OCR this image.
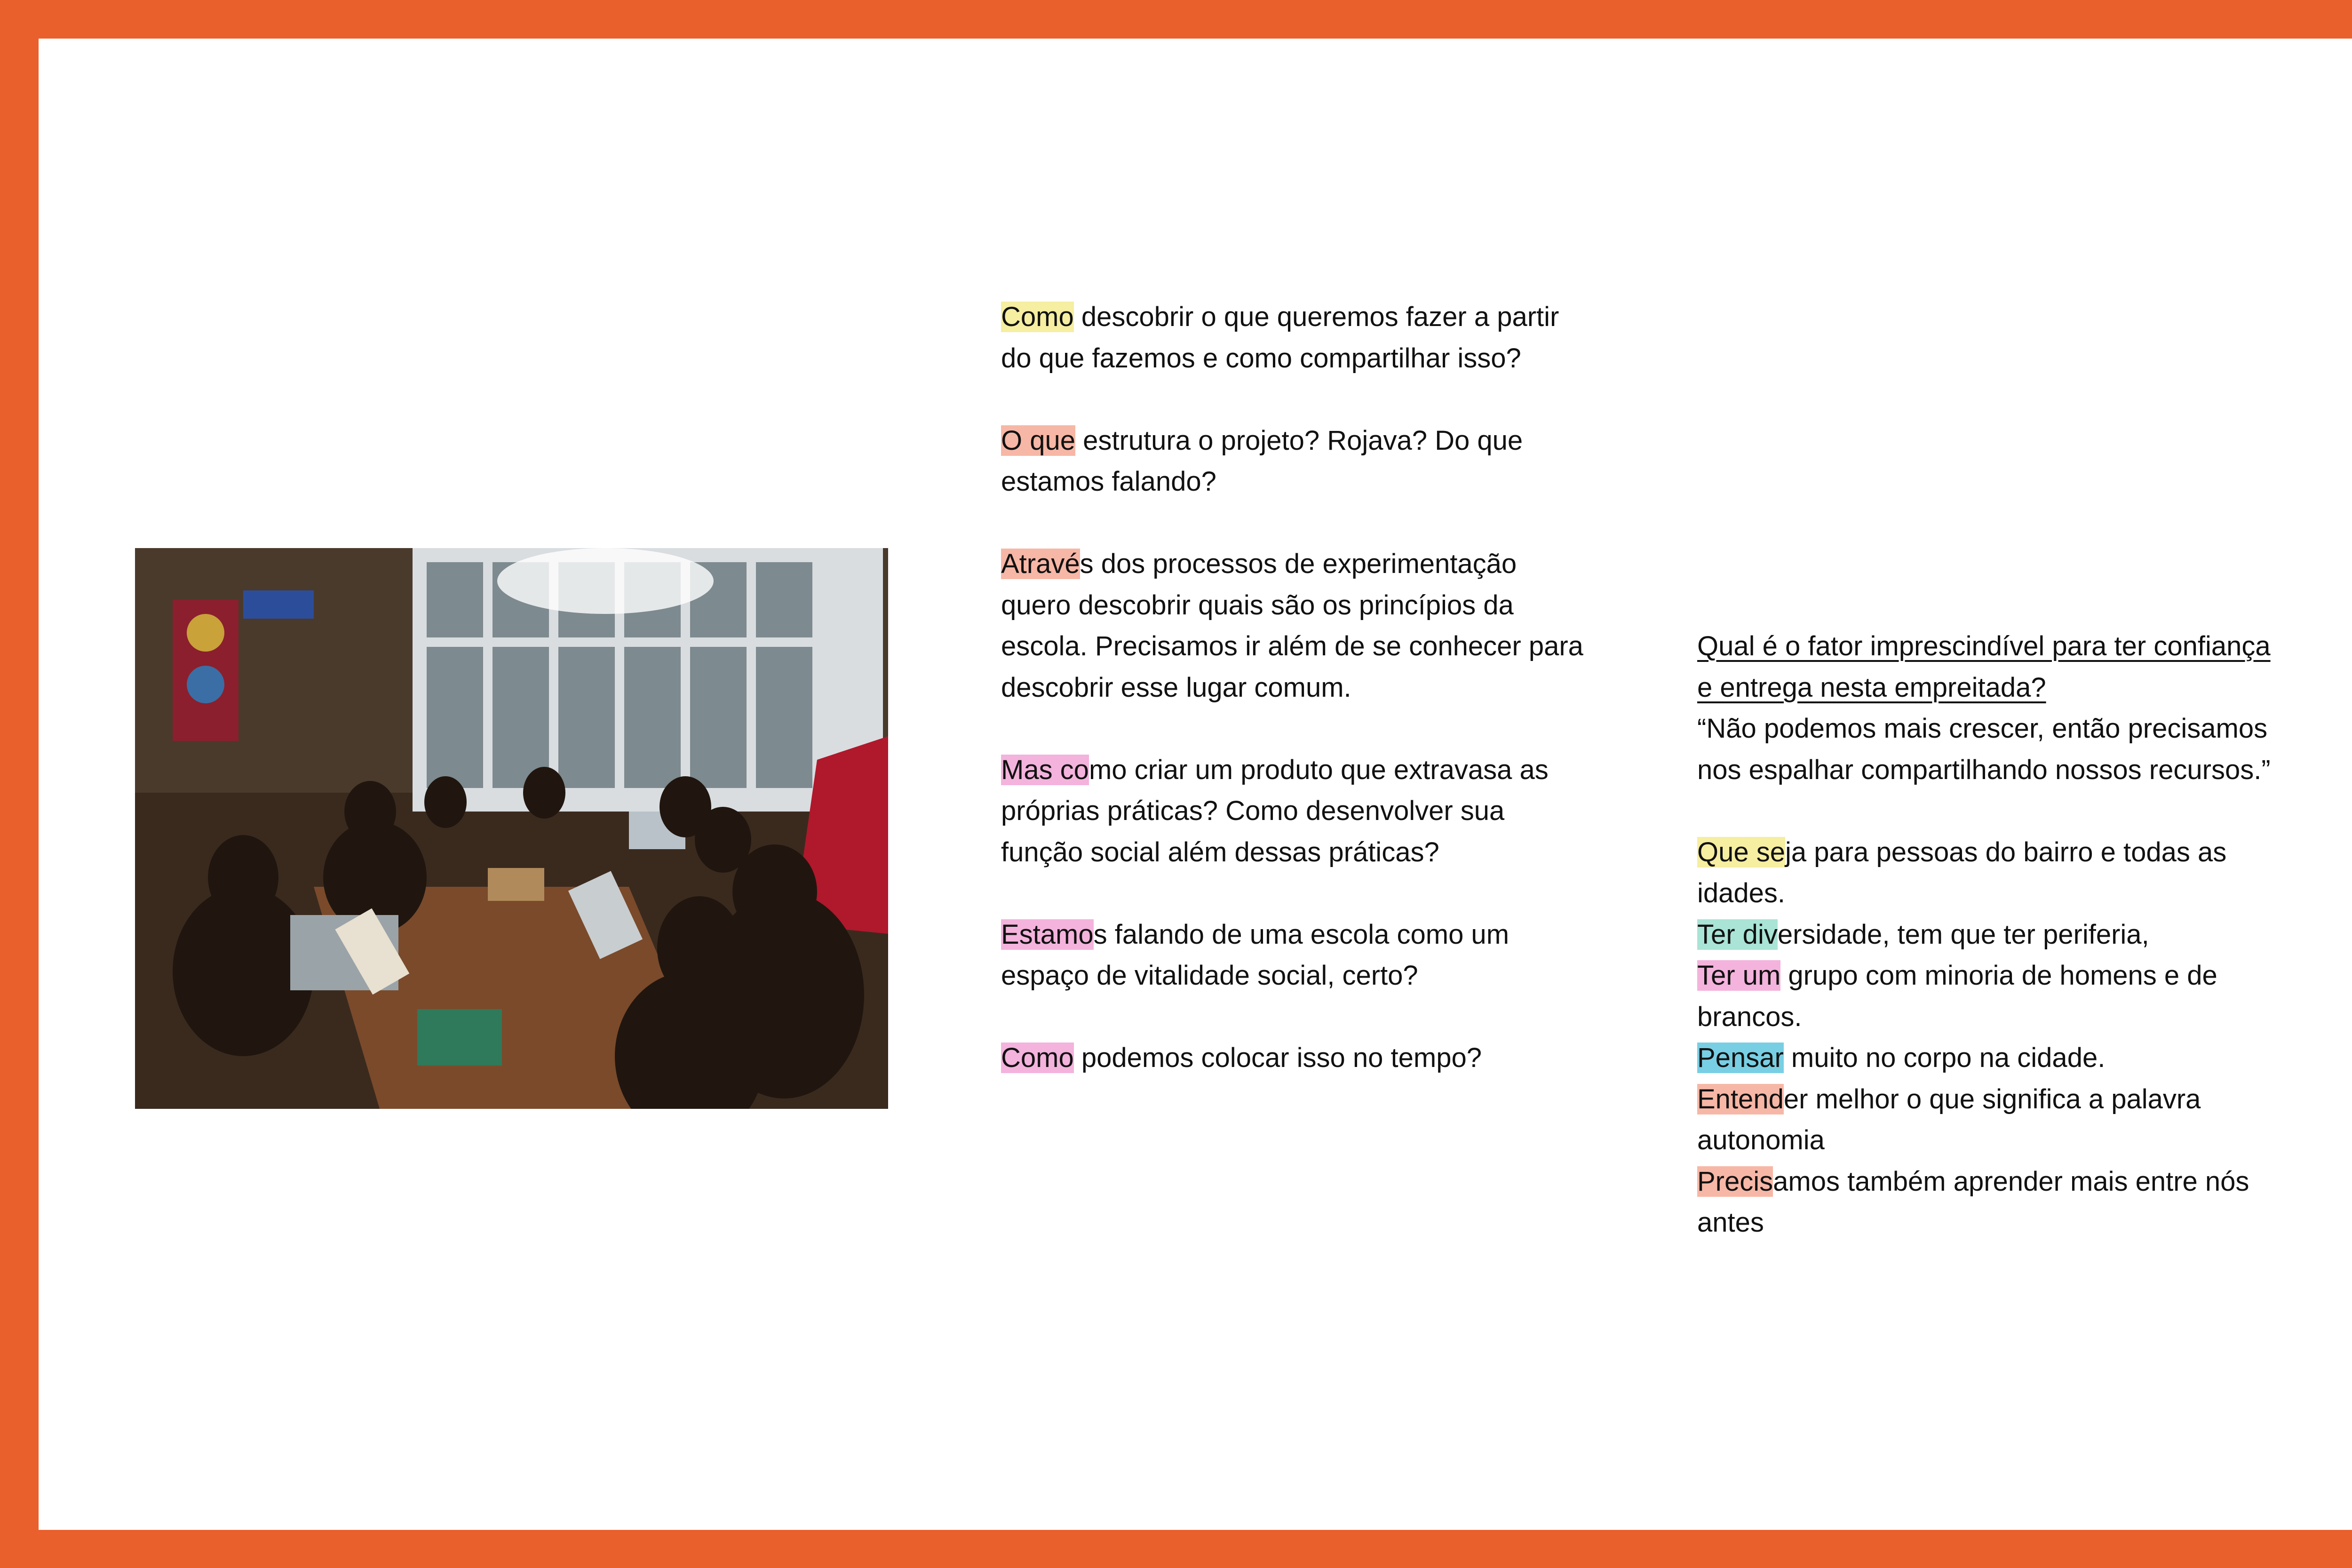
Como descobrir o que queremos fazer a partir do que fazemos e como compartilhar isso?

O que estrutura o projeto? Rojava? Do que estamos falando?

Através dos processos de experimentação quero descobrir quais são os princípios da escola. Precisamos ir além de se conhecer para descobrir esse lugar comum.

Mas como criar um produto que extravasa as próprias práticas? Como desenvolver sua função social além dessas práticas?

Estamos falando de uma escola como um espaço de vitalidade social, certo?

Como podemos colocar isso no tempo?

Qual é o fator imprescindível para ter confiança e entrega nesta empreitada?
“Não podemos mais crescer, então precisamos nos espalhar compartilhando nossos recursos.”
Que seja para pessoas do bairro e todas as idades.
Ter diversidade, tem que ter periferia,
Ter um grupo com minoria de homens e de brancos.
Pensar muito no corpo na cidade.
Entender melhor o que significa a palavra autonomia
Precisamos também aprender mais entre nós antes
